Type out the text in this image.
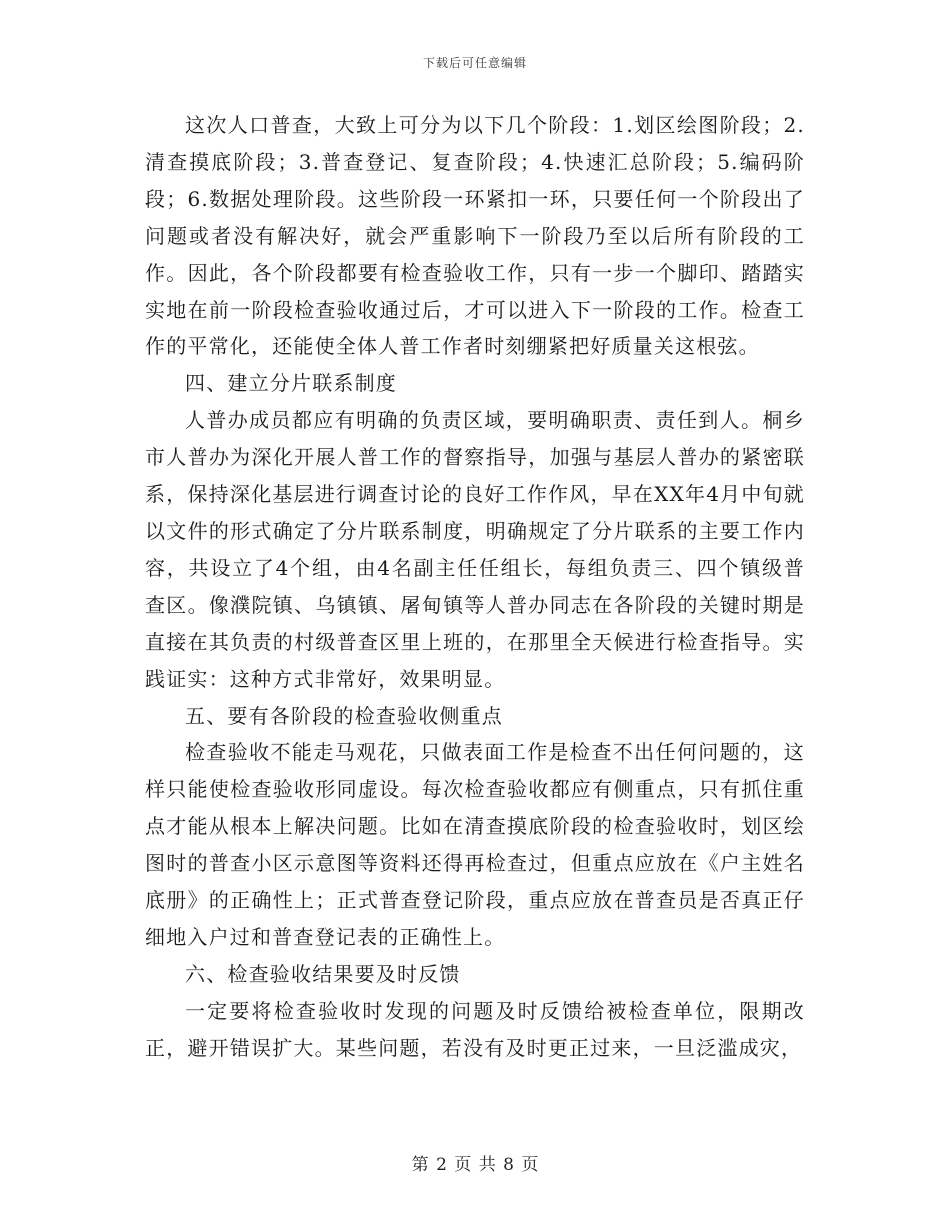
下载后可任意编辑

这次人口普查，大致上可分为以下几个阶段：1.划区绘图阶段；2.清查摸底阶段；3.普查登记、复查阶段；4.快速汇总阶段；5.编码阶段；6.数据处理阶段。这些阶段一环紧扣一环，只要任何一个阶段出了问题或者没有解决好，就会严重影响下一阶段乃至以后所有阶段的工作。因此，各个阶段都要有检查验收工作，只有一步一个脚印、踏踏实实地在前一阶段检查验收通过后，才可以进入下一阶段的工作。检查工作的平常化，还能使全体人普工作者时刻绷紧把好质量关这根弦。

四、建立分片联系制度

人普办成员都应有明确的负责区域，要明确职责、责任到人。桐乡市人普办为深化开展人普工作的督察指导，加强与基层人普办的紧密联系，保持深化基层进行调查讨论的良好工作作风，早在XX年4月中旬就以文件的形式确定了分片联系制度，明确规定了分片联系的主要工作内容，共设立了4个组，由4名副主任任组长，每组负责三、四个镇级普查区。像濮院镇、乌镇镇、屠甸镇等人普办同志在各阶段的关键时期是直接在其负责的村级普查区里上班的，在那里全天候进行检查指导。实践证实：这种方式非常好，效果明显。

五、要有各阶段的检查验收侧重点

检查验收不能走马观花，只做表面工作是检查不出任何问题的，这样只能使检查验收形同虚设。每次检查验收都应有侧重点，只有抓住重点才能从根本上解决问题。比如在清查摸底阶段的检查验收时，划区绘图时的普查小区示意图等资料还得再检查过，但重点应放在《户主姓名底册》的正确性上；正式普查登记阶段，重点应放在普查员是否真正仔细地入户过和普查登记表的正确性上。

六、检查验收结果要及时反馈

一定要将检查验收时发现的问题及时反馈给被检查单位，限期改正，避开错误扩大。某些问题，若没有及时更正过来，一旦泛滥成灾，

第 2 页 共 8 页
